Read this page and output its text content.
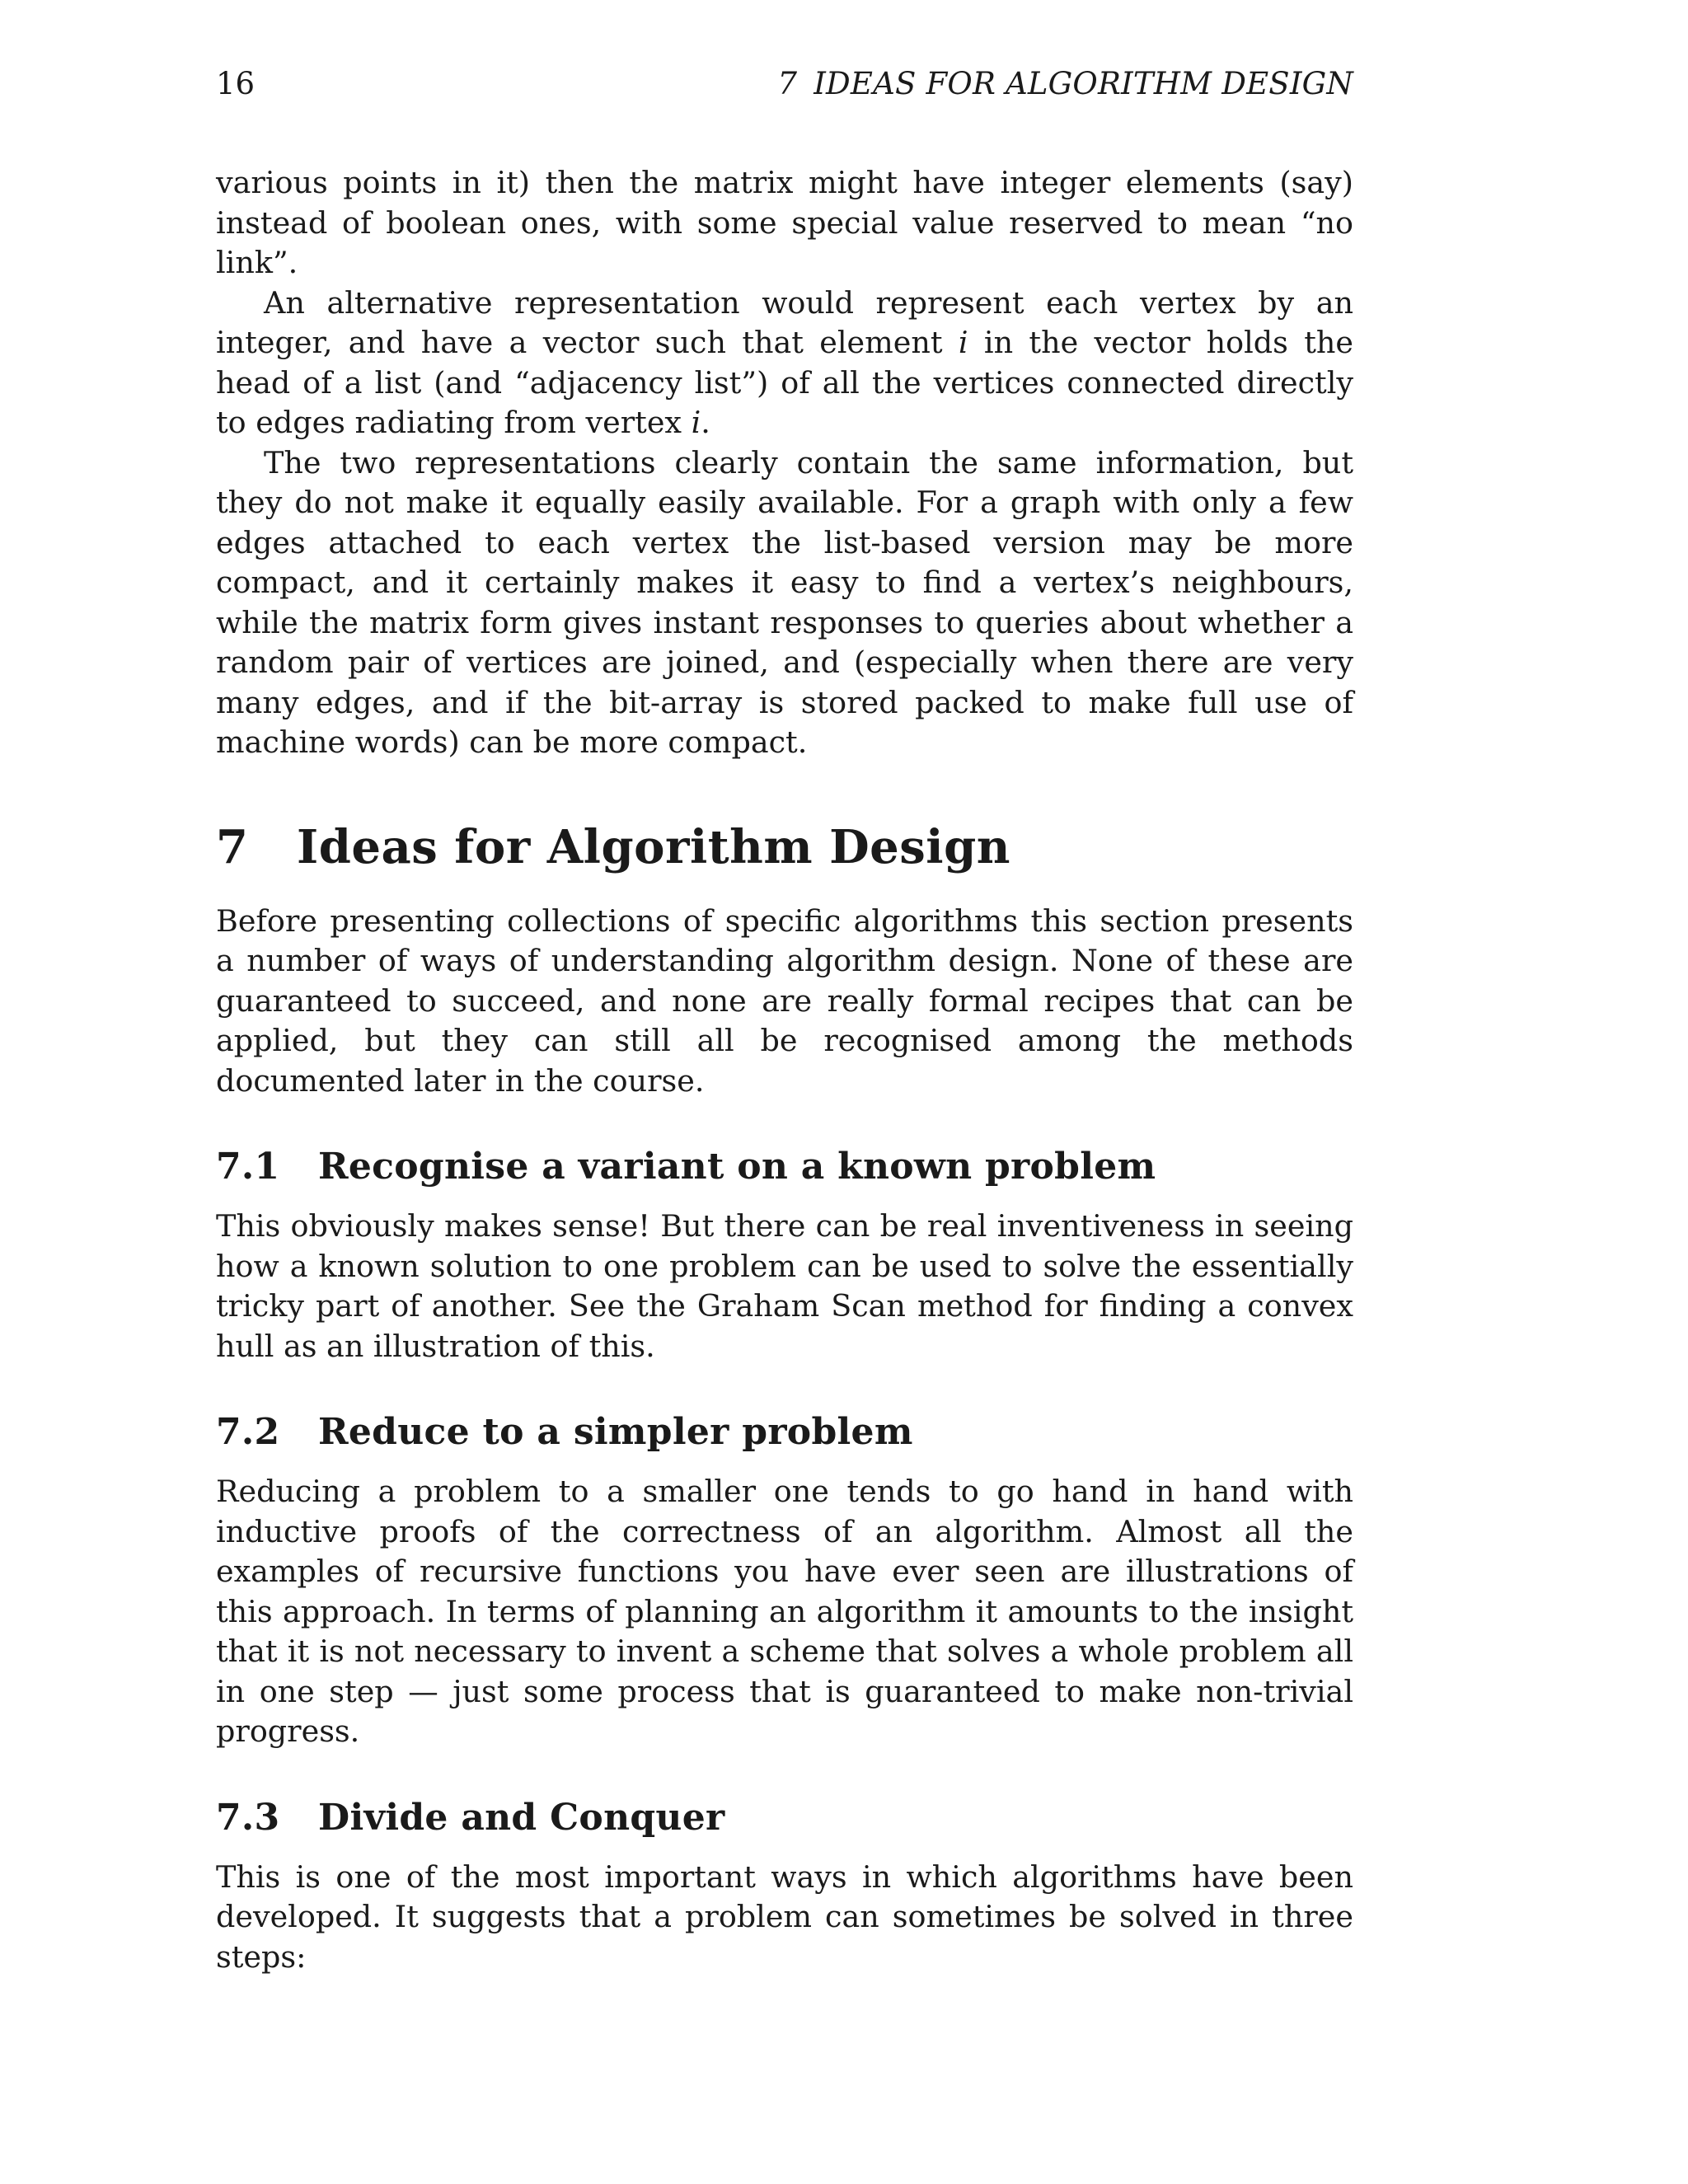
16	7 IDEAS FOR ALGORITHM DESIGN

various points in it) then the matrix might have integer elements (say) instead of boolean ones, with some special value reserved to mean “no link”.

An alternative representation would represent each vertex by an integer, and have a vector such that element i in the vector holds the head of a list (and “adjacency list”) of all the vertices connected directly to edges radiating from vertex i.

The two representations clearly contain the same information, but they do not make it equally easily available. For a graph with only a few edges attached to each vertex the list-based version may be more compact, and it certainly makes it easy to find a vertex’s neighbours, while the matrix form gives instant responses to queries about whether a random pair of vertices are joined, and (especially when there are very many edges, and if the bit-array is stored packed to make full use of machine words) can be more compact.

7 Ideas for Algorithm Design

Before presenting collections of specific algorithms this section presents a number of ways of understanding algorithm design. None of these are guaranteed to succeed, and none are really formal recipes that can be applied, but they can still all be recognised among the methods documented later in the course.

7.1 Recognise a variant on a known problem

This obviously makes sense! But there can be real inventiveness in seeing how a known solution to one problem can be used to solve the essentially tricky part of another. See the Graham Scan method for finding a convex hull as an illustration of this.

7.2 Reduce to a simpler problem

Reducing a problem to a smaller one tends to go hand in hand with inductive proofs of the correctness of an algorithm. Almost all the examples of recursive functions you have ever seen are illustrations of this approach. In terms of planning an algorithm it amounts to the insight that it is not necessary to invent a scheme that solves a whole problem all in one step — just some process that is guaranteed to make non-trivial progress.

7.3 Divide and Conquer

This is one of the most important ways in which algorithms have been developed. It suggests that a problem can sometimes be solved in three steps:
